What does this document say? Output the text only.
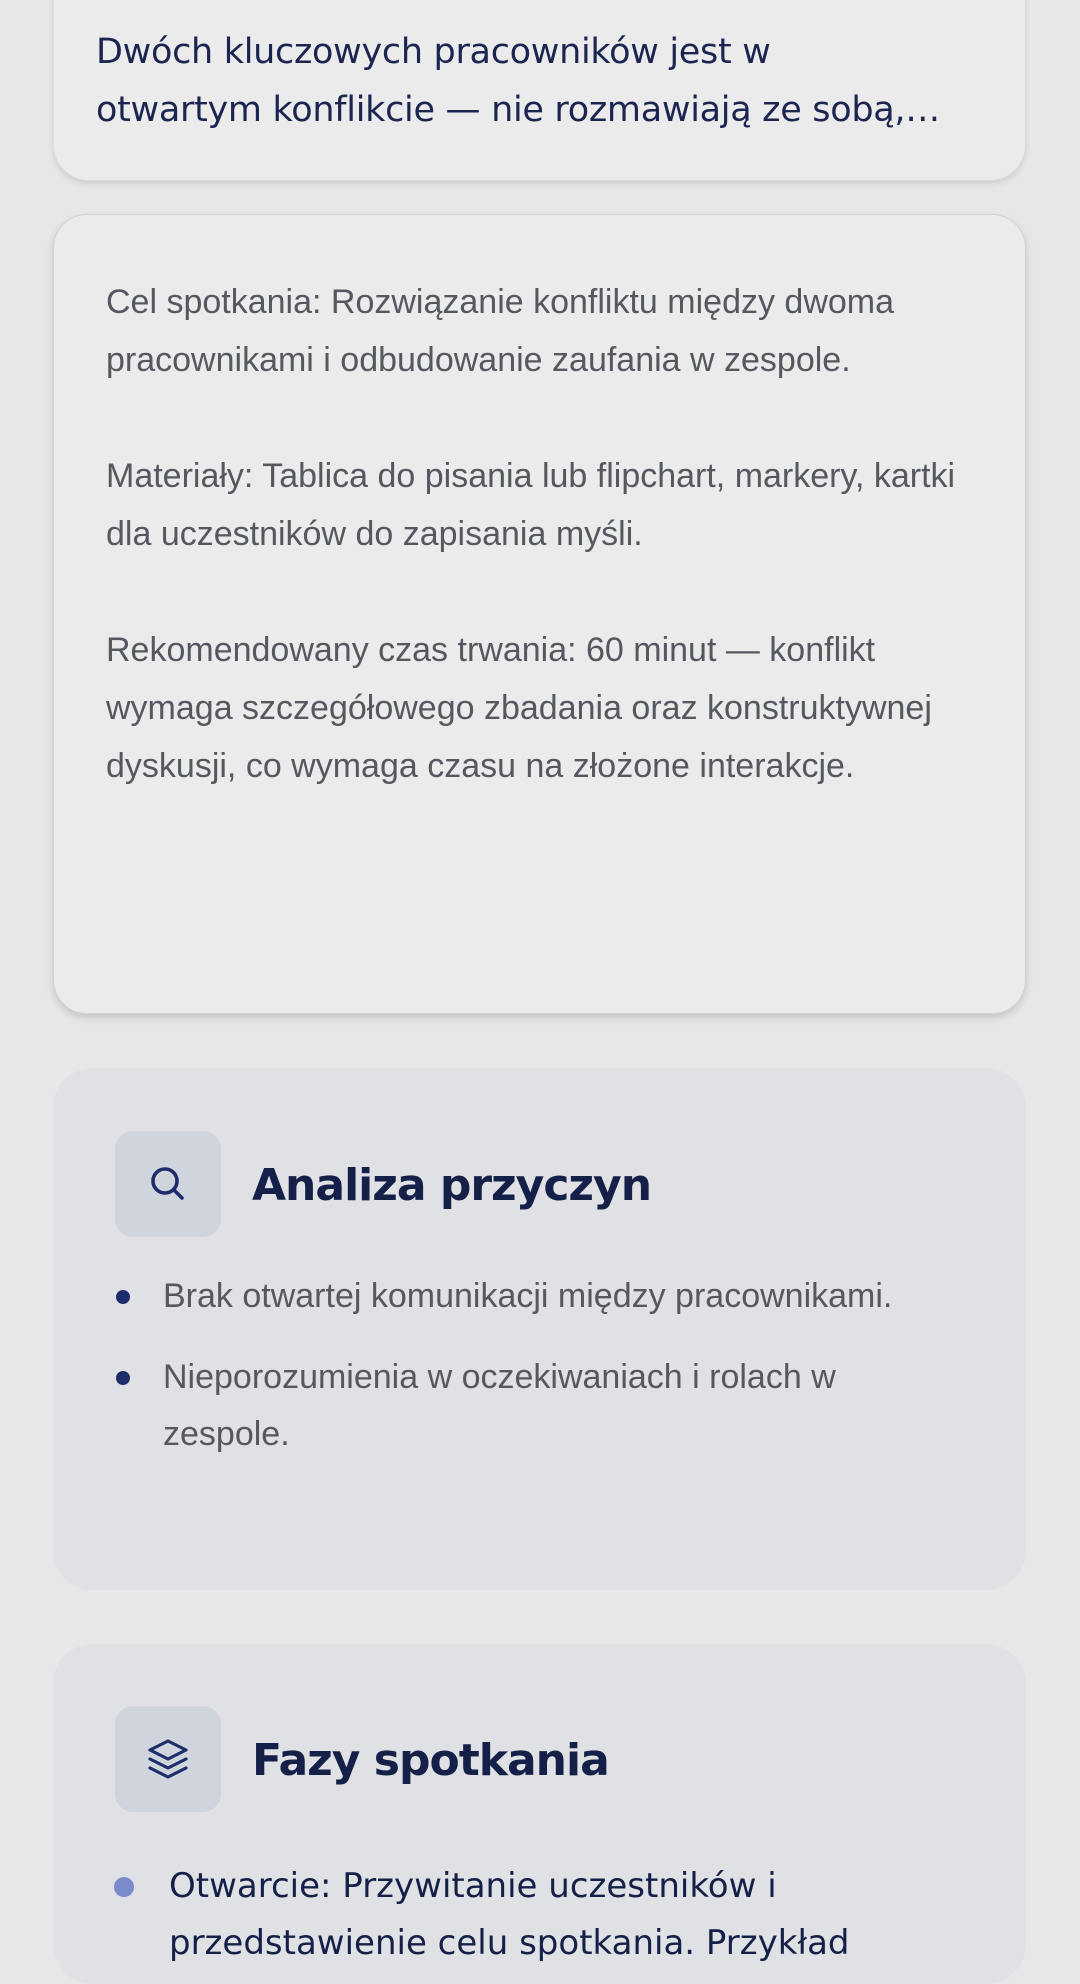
Dwóch kluczowych pracowników jest w
otwartym konflikcie — nie rozmawiają ze sobą,…

Cel spotkania: Rozwiązanie konfliktu między dwoma pracownikami i odbudowanie zaufania w zespole.

Materiały: Tablica do pisania lub flipchart, markery, kartki dla uczestników do zapisania myśli.

Rekomendowany czas trwania: 60 minut — konflikt wymaga szczegółowego zbadania oraz konstruktywnej dyskusji, co wymaga czasu na złożone interakcje.

Analiza przyczyn
Brak otwartej komunikacji między pracownikami.
Nieporozumienia w oczekiwaniach i rolach w zespole.
Fazy spotkania
Otwarcie: Przywitanie uczestników i
przedstawienie celu spotkania. Przykład
